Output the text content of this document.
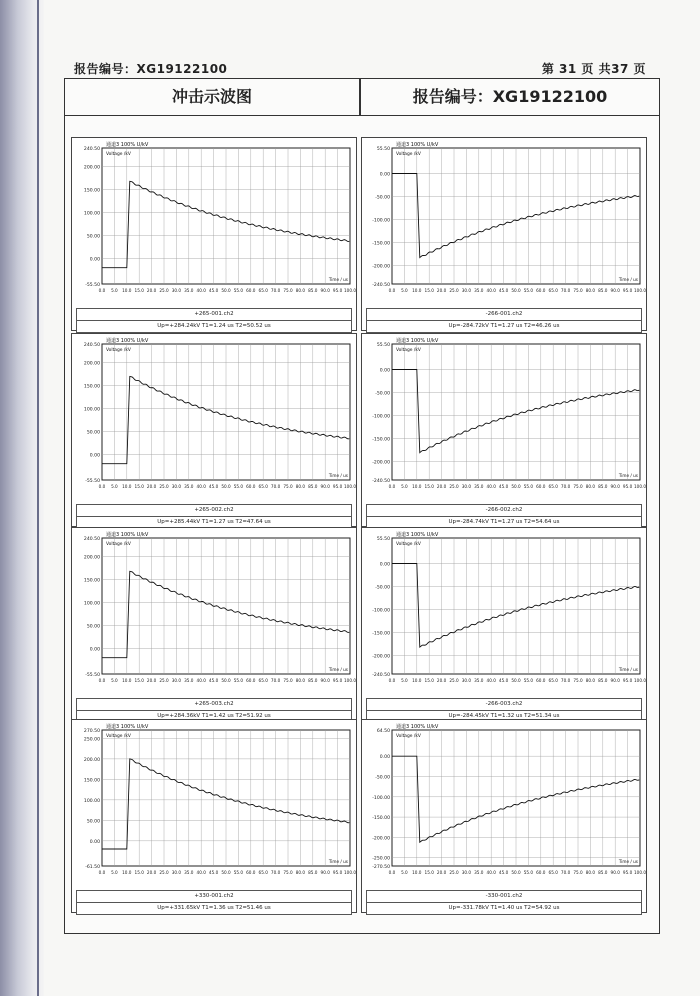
报告编号：XG19122100	第 31 页 共37 页
冲击示波图	报告编号：XG19122100
240.50
200.00
150.00
100.00
50.00
0.00
-55.50
0.0 5.0 10.0 15.0 20.0 25.0 30.0 35.0 40.0 45.0 50.0 55.0 60.0 65.0 70.0 75.0 80.0 85.0 90.0 95.0 100.0
通道3 100% U/kV
Voltage /kV
Time / us
+265-001.ch2
Up=+284.24kV T1=1.24 us T2=50.52 us
55.50
0.00
-50.00
-100.00
-150.00
-200.00
-240.50
0.0 5.0 10.0 15.0 20.0 25.0 30.0 35.0 40.0 45.0 50.0 55.0 60.0 65.0 70.0 75.0 80.0 85.0 90.0 95.0 100.0
通道3 100% U/kV
Voltage /kV
Time / us
-266-001.ch2
Up=-284.72kV T1=1.27 us T2=46.26 us
240.50
200.00
150.00
100.00
50.00
0.00
-55.50
0.0 5.0 10.0 15.0 20.0 25.0 30.0 35.0 40.0 45.0 50.0 55.0 60.0 65.0 70.0 75.0 80.0 85.0 90.0 95.0 100.0
通道3 100% U/kV
Voltage /kV
Time / us
+265-002.ch2
Up=+285.44kV T1=1.27 us T2=47.64 us
55.50
0.00
-50.00
-100.00
-150.00
-200.00
-240.50
0.0 5.0 10.0 15.0 20.0 25.0 30.0 35.0 40.0 45.0 50.0 55.0 60.0 65.0 70.0 75.0 80.0 85.0 90.0 95.0 100.0
通道3 100% U/kV
Voltage /kV
Time / us
-266-002.ch2
Up=-284.74kV T1=1.27 us T2=54.64 us
240.50
200.00
150.00
100.00
50.00
0.00
-55.50
0.0 5.0 10.0 15.0 20.0 25.0 30.0 35.0 40.0 45.0 50.0 55.0 60.0 65.0 70.0 75.0 80.0 85.0 90.0 95.0 100.0
通道3 100% U/kV
Voltage /kV
Time / us
+265-003.ch2
Up=+284.36kV T1=1.42 us T2=51.92 us
55.50
0.00
-50.00
-100.00
-150.00
-200.00
-240.50
0.0 5.0 10.0 15.0 20.0 25.0 30.0 35.0 40.0 45.0 50.0 55.0 60.0 65.0 70.0 75.0 80.0 85.0 90.0 95.0 100.0
通道3 100% U/kV
Voltage /kV
Time / us
-266-003.ch2
Up=-284.45kV T1=1.32 us T2=51.34 us
270.50
250.00
200.00
150.00
100.00
50.00
0.00
-61.50
0.0 5.0 10.0 15.0 20.0 25.0 30.0 35.0 40.0 45.0 50.0 55.0 60.0 65.0 70.0 75.0 80.0 85.0 90.0 95.0 100.0
通道3 100% U/kV
Voltage /kV
Time / us
+330-001.ch2
Up=+331.65kV T1=1.36 us T2=51.46 us
64.50
0.00
-50.00
-100.00
-150.00
-200.00
-250.00
-270.50
0.0 5.0 10.0 15.0 20.0 25.0 30.0 35.0 40.0 45.0 50.0 55.0 60.0 65.0 70.0 75.0 80.0 85.0 90.0 95.0 100.0
通道3 100% U/kV
Voltage /kV
Time / us
-330-001.ch2
Up=-331.78kV T1=1.40 us T2=54.92 us
